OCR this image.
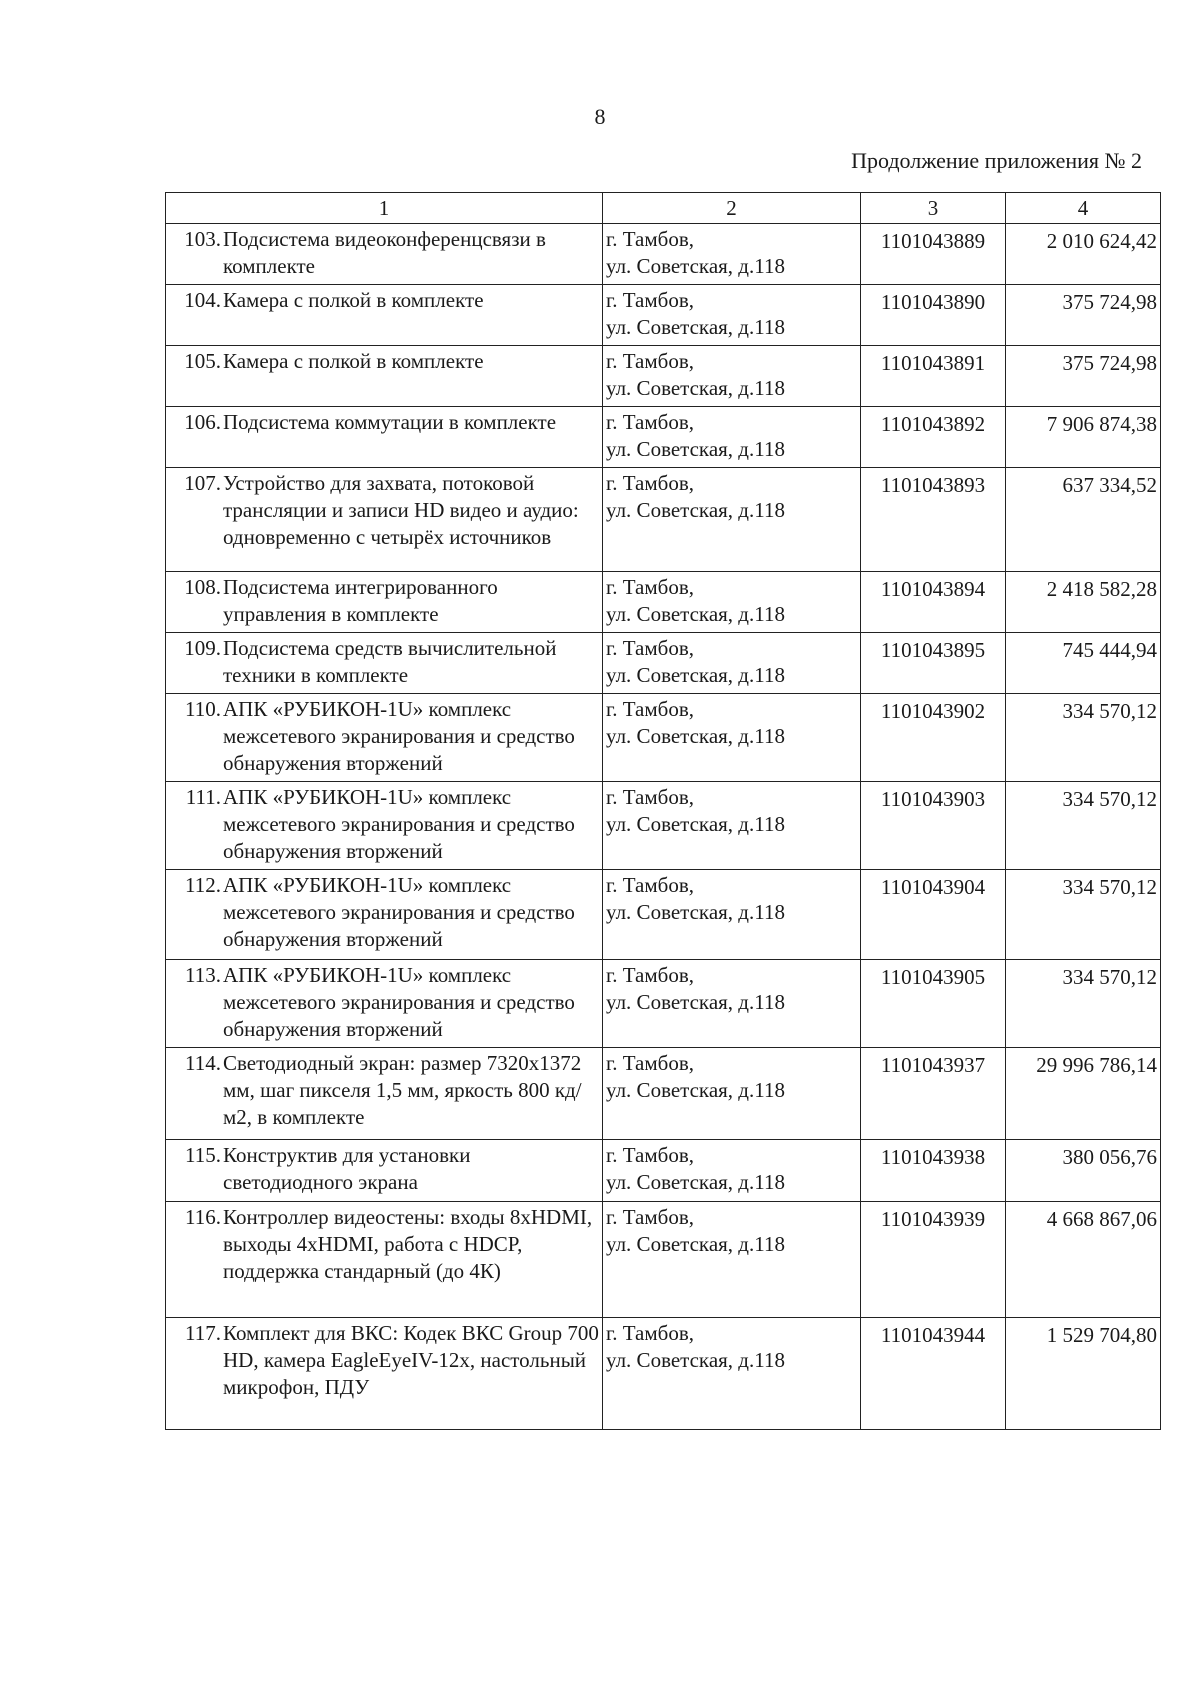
8
Продолжение приложения № 2
1	2	3	4

103. Подсистема видеоконференцсвязи в комплекте	г. Тамбов,
ул. Советская, д.118	1101043889	2 010 624,42

104. Камера с полкой в комплекте	г. Тамбов,
ул. Советская, д.118	1101043890	375 724,98

105. Камера с полкой в комплекте	г. Тамбов,
ул. Советская, д.118	1101043891	375 724,98

106. Подсистема коммутации в комплекте	г. Тамбов,
ул. Советская, д.118	1101043892	7 906 874,38

107. Устройство для захвата, потоковой трансляции и записи HD видео и аудио: одновременно с четырёх источников	г. Тамбов,
ул. Советская, д.118	1101043893	637 334,52

108. Подсистема интегрированного управления в комплекте	г. Тамбов,
ул. Советская, д.118	1101043894	2 418 582,28

109. Подсистема средств вычислительной техники в комплекте	г. Тамбов,
ул. Советская, д.118	1101043895	745 444,94

110. АПК «РУБИКОН-1U» комплекс межсетевого экранирования и средство обнаружения вторжений	г. Тамбов,
ул. Советская, д.118	1101043902	334 570,12

111. АПК «РУБИКОН-1U» комплекс межсетевого экранирования и средство обнаружения вторжений	г. Тамбов,
ул. Советская, д.118	1101043903	334 570,12

112. АПК «РУБИКОН-1U» комплекс межсетевого экранирования и средство обнаружения вторжений	г. Тамбов,
ул. Советская, д.118	1101043904	334 570,12

113. АПК «РУБИКОН-1U» комплекс межсетевого экранирования и средство обнаружения вторжений	г. Тамбов,
ул. Советская, д.118	1101043905	334 570,12

114. Светодиодный экран: размер 7320х1372 мм, шаг пикселя 1,5 мм, яркость 800 кд/м2, в комплекте	г. Тамбов,
ул. Советская, д.118	1101043937	29 996 786,14

115. Конструктив для установки светодиодного экрана	г. Тамбов,
ул. Советская, д.118	1101043938	380 056,76

116. Контроллер видеостены: входы 8xHDMI, выходы 4xHDMI, работа с HDCP, поддержка стандарный (до 4К)	г. Тамбов,
ул. Советская, д.118	1101043939	4 668 867,06

117. Комплект для ВКС: Кодек ВКС Group 700 HD, камера EagleEyeIV-12x, настольный микрофон, ПДУ	г. Тамбов,
ул. Советская, д.118	1101043944	1 529 704,80
